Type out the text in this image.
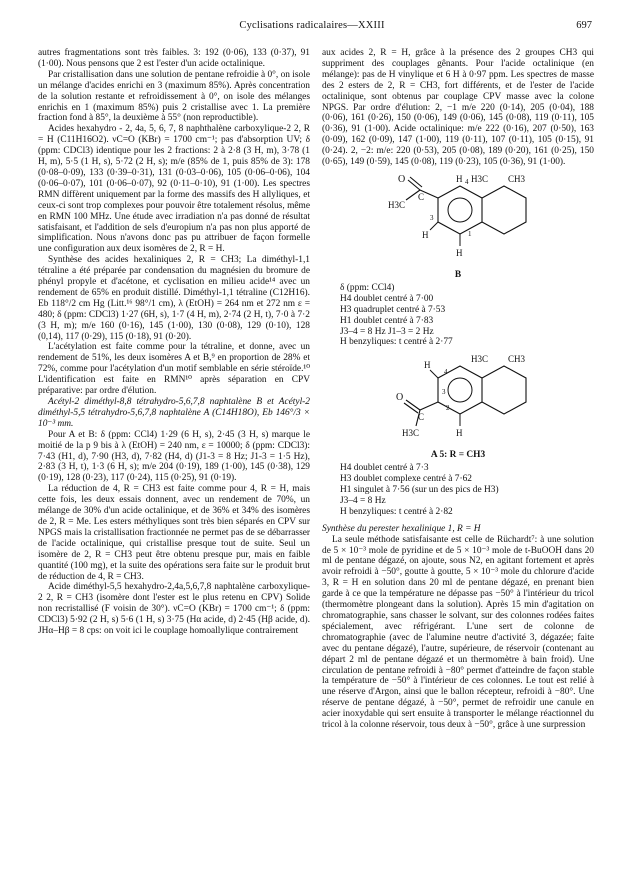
Cyclisations radicalaires—XXIII	697

autres fragmentations sont très faibles. 3: 192 (0·06), 133 (0·37), 91 (1·00). Nous pensons que 2 est l'ester d'un acide octalinique.

Par cristallisation dans une solution de pentane refroidie à 0°, on isole un mélange d'acides enrichi en 3 (maximum 85%). Après concentration de la solution restante et refroidissement à 0°, on isole des mélanges enrichis en 1 (maximum 85%) puis 2 cristallise avec 1. La première fraction fond à 85°, la deuxième à 55° (non reproductible).

Acides hexahydro - 2, 4a, 5, 6, 7, 8 naphthalène carboxylique-2 2, R = H (C11H16O2). νC=O (KBr) = 1700 cm⁻¹; pas d'absorption UV; δ (ppm: CDCl3) identique pour les 2 fractions: 2 à 2·8 (3 H, m), 3·78 (1 H, m), 5·5 (1 H, s), 5·72 (2 H, s); m/e (85% de 1, puis 85% de 3): 178 (0·08–0·09), 133 (0·39–0·31), 131 (0·03–0·06), 105 (0·06–0·06), 104 (0·06–0·07), 101 (0·06–0·07), 92 (0·11–0·10), 91 (1·00). Les spectres RMN diffèrent uniquement par la forme des massifs des H allyliques, et ceux-ci sont trop complexes pour pouvoir être totalement résolus, même en RMN 100 MHz. Une étude avec irradiation n'a pas donné de résultat satisfaisant, et l'addition de sels d'europium n'a pas non plus apporté de simplification. Nous n'avons donc pas pu attribuer de façon formelle une configuration aux deux isomères de 2, R = H.

Synthèse des acides hexaliniques 2, R = CH3; La diméthyl-1,1 tétraline a été préparée par condensation du magnésien du bromure de phényl propyle et d'acétone, et cyclisation en milieu acide¹⁴ avec un rendement de 65% en produit distillé. Diméthyl-1,1 tétraline (C12H16). Eb 118°/2 cm Hg (Litt.¹⁶ 98°/1 cm), λ (EtOH) = 264 nm et 272 nm ε = 480; δ (ppm: CDCl3) 1·27 (6H, s), 1·7 (4 H, m), 2·74 (2 H, t), 7·0 à 7·2 (3 H, m); m/e 160 (0·16), 145 (1·00), 130 (0·08), 129 (0·10), 128 (0,14), 117 (0·29), 115 (0·18), 91 (0·20).

L'acétylation est faite comme pour la tétraline, et donne, avec un rendement de 51%, les deux isomères A et B,⁹ en proportion de 28% et 72%, comme pour l'acétylation d'un motif semblable en série stéroïde.¹⁰ L'identification est faite en RMN¹⁰ après séparation en CPV préparative: par ordre d'élution.

Acétyl-2 diméthyl-8,8 tétrahydro-5,6,7,8 naphtalène B et Acétyl-2 diméthyl-5,5 tétrahydro-5,6,7,8 naphtalène A (C14H18O), Eb 146°/3 × 10⁻³ mm.

Pour A et B: δ (ppm: CCl4) 1·29 (6 H, s), 2·45 (3 H, s) marque le moitié de la p 9 bis à λ (EtOH) = 240 nm, ε = 10000; δ (ppm: CDCl3): 7·43 (H1, d), 7·90 (H3, d), 7·82 (H4, d) (J1-3 = 8 Hz; J1-3 = 1·5 Hz), 2·83 (3 H, t), 1·3 (6 H, s); m/e 204 (0·19), 189 (1·00), 145 (0·38), 129 (0·19), 128 (0·23), 117 (0·24), 115 (0·25), 91 (0·19).

La réduction de 4, R = CH3 est faite comme pour 4, R = H, mais cette fois, les deux essais donnent, avec un rendement de 70%, un mélange de 30% d'un acide octalinique, et de 36% et 34% des isomères de 2, R = Me. Les esters méthyliques sont très bien séparés en CPV sur NPGS mais la cristallisation fractionnée ne permet pas de se débarrasser de l'acide octalinique, qui cristallise presque tout de suite. Seul un isomère de 2, R = CH3 peut être obtenu presque pur, mais en faible quantité (100 mg), et la suite des opérations sera faite sur le produit brut de réduction de 4, R = CH3.

Acide diméthyl-5,5 hexahydro-2,4a,5,6,7,8 naphtalène carboxylique-2 2, R = CH3 (isomère dont l'ester est le plus retenu en CPV) Solide non recristallisé (F voisin de 30°). νC=O (KBr) = 1700 cm⁻¹; δ (ppm: CDCl3) 5·92 (2 H, s) 5·6 (1 H, s) 3·75 (Hα acide, d) 2·45 (Hβ acide, d). JHα–Hβ = 8 cps: on voit ici le couplage homoallylique contrairement

aux acides 2, R = H, grâce à la présence des 2 groupes CH3 qui suppriment des couplages gênants. Pour l'acide octalinique (en mélange): pas de H vinylique et 6 H à 0·97 ppm. Les spectres de masse des 2 esters de 2, R = CH3, fort différents, et de l'ester de l'acide octalinique, sont obtenus par couplage CPV masse avec la colone NPGS. Par ordre d'élution: 2, −1 m/e 220 (0·14), 205 (0·04), 188 (0·06), 161 (0·26), 150 (0·06), 149 (0·06), 145 (0·08), 119 (0·11), 105 (0·36), 91 (1·00). Acide octalinique: m/e 222 (0·16), 207 (0·50), 163 (0·09), 162 (0·09), 147 (1·00), 119 (0·11), 107 (0·11), 105 (0·15), 91 (0·24). 2, −2: m/e: 220 (0·53), 205 (0·08), 189 (0·20), 161 (0·25), 150 (0·65), 149 (0·59), 145 (0·08), 119 (0·23), 105 (0·36), 91 (1·00).

O
C
H3C
H 4 H3C CH3
1
3
H
H
B
δ (ppm: CCl4)
H4 doublet centré à 7·00
H3 quadruplet centré à 7·53
H1 doublet centré à 7·83
J3–4 = 8 Hz J1–3 = 2 Hz
H benzyliques: t centré à 2·77
H
4
H3C CH3
O
C
H3C
3
2
H
A 5: R = CH3
H4 doublet centré à 7·3
H3 doublet complexe centré à 7·62
H1 singulet à 7·56 (sur un des pics de H3)
J3–4 = 8 Hz
H benzyliques: t centré à 2·82

Synthèse du perester hexalinique 1, R = H

La seule méthode satisfaisante est celle de Rüchardt⁷: à une solution de 5 × 10⁻³ mole de pyridine et de 5 × 10⁻³ mole de t-BuOOH dans 20 ml de pentane dégazé, on ajoute, sous N2, en agitant fortement et après avoir refroidi à −50°, goutte à goutte, 5 × 10⁻³ mole du chlorure d'acide 3, R = H en solution dans 20 ml de pentane dégazé, en prenant bien garde à ce que la température ne dépasse pas −50° à l'intérieur du tricol (thermomètre plongeant dans la solution). Après 15 min d'agitation on chromatographie, sans chasser le solvant, sur des colonnes rodées faites spécialement, avec réfrigérant. L'une sert de colonne de chromatographie (avec de l'alumine neutre d'activité 3, dégazée; faite avec du pentane dégazé), l'autre, supérieure, de réservoir (contenant au départ 2 ml de pentane dégazé et un thermomètre à bain froid). Une circulation de pentane refroidi à −80° permet d'atteindre de façon stable la température de −50° à l'intérieur de ces colonnes. Le tout est relié à une réserve d'Argon, ainsi que le ballon récepteur, refroidi à −80°. Une réserve de pentane dégazé, à −50°, permet de refroidir une canule en acier inoxydable qui sert ensuite à transporter le mélange réactionnel du tricol à la colonne réservoir, tous deux à −50°, grâce à une surpression
